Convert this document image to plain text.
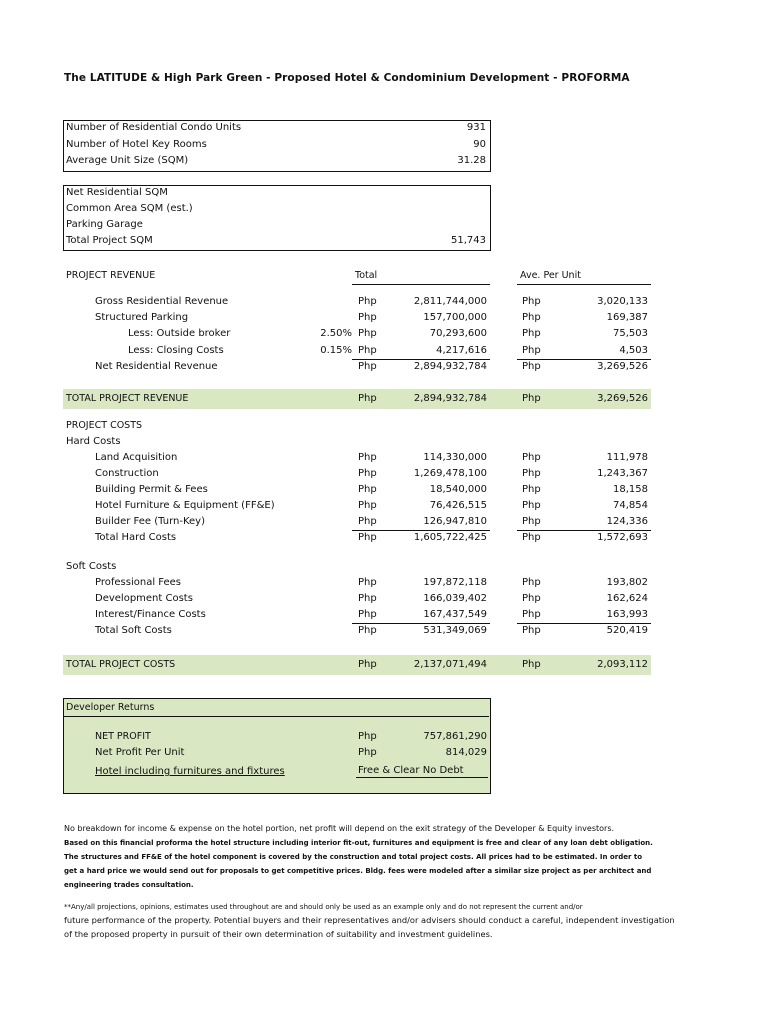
The LATITUDE & High Park Green - Proposed Hotel & Condominium Development - PROFORMA
Number of Residential Condo Units	931
Number of Hotel Key Rooms	90
Average Unit Size (SQM)	31.28
Net Residential SQM
Common Area SQM (est.)
Parking Garage
Total Project SQM	51,743
PROJECT REVENUE	Total	Ave. Per Unit
Gross Residential Revenue	Php	2,811,744,000	Php	3,020,133
Structured Parking	Php	157,700,000	Php	169,387
Less: Outside broker	2.50% Php	70,293,600	Php	75,503
Less: Closing Costs	0.15% Php	4,217,616	Php	4,503
Net Residential Revenue	Php	2,894,932,784	Php	3,269,526
TOTAL PROJECT REVENUE	Php	2,894,932,784	Php	3,269,526
PROJECT COSTS
Hard Costs
Land Acquisition	Php	114,330,000	Php	111,978
Construction	Php	1,269,478,100	Php	1,243,367
Building Permit & Fees	Php	18,540,000	Php	18,158
Hotel Furniture & Equipment (FF&E)	Php	76,426,515	Php	74,854
Builder Fee (Turn-Key)	Php	126,947,810	Php	124,336
Total Hard Costs	Php	1,605,722,425	Php	1,572,693
Soft Costs
Professional Fees	Php	197,872,118	Php	193,802
Development Costs	Php	166,039,402	Php	162,624
Interest/Finance Costs	Php	167,437,549	Php	163,993
Total Soft Costs	Php	531,349,069	Php	520,419
TOTAL PROJECT COSTS	Php	2,137,071,494	Php	2,093,112
Developer Returns
NET PROFIT	Php	757,861,290
Net Profit Per Unit	Php	814,029
Hotel including furnitures and fixtures	Free & Clear No Debt
No breakdown for income & expense on the hotel portion, net profit will depend on the exit strategy of the Developer & Equity investors.
Based on this financial proforma the hotel structure including interior fit-out, furnitures and equipment is free and clear of any loan debt obligation.
The structures and FF&E of the hotel component is covered by the construction and total project costs. All prices had to be estimated. In order to
get a hard price we would send out for proposals to get competitive prices. Bldg. fees were modeled after a similar size project as per architect and
engineering trades consultation.
**Any/all projections, opinions, estimates used throughout are and should only be used as an example only and do not represent the current and/or
future performance of the property. Potential buyers and their representatives and/or advisers should conduct a careful, independent investigation
of the proposed property in pursuit of their own determination of suitability and investment guidelines.
